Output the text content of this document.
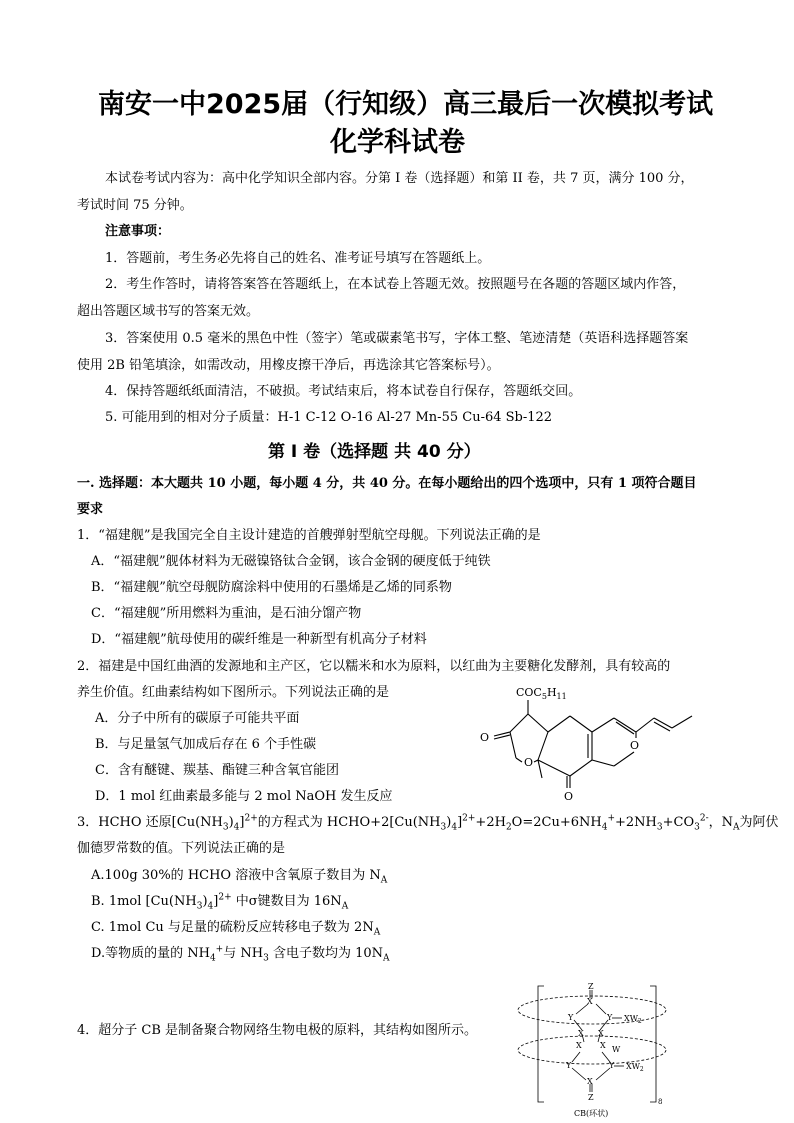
南安一中2025届（行知级）高三最后一次模拟考试
化学科试卷
本试卷考试内容为：高中化学知识全部内容。分第 I 卷（选择题）和第 II 卷，共 7 页，满分 100 分，
考试时间 75 分钟。
注意事项：
1．答题前，考生务必先将自己的姓名、准考证号填写在答题纸上。
2．考生作答时，请将答案答在答题纸上，在本试卷上答题无效。按照题号在各题的答题区域内作答，
超出答题区域书写的答案无效。
3．答案使用 0.5 毫米的黑色中性（签字）笔或碳素笔书写，字体工整、笔迹清楚（英语科选择题答案
使用 2B 铅笔填涂，如需改动，用橡皮擦干净后，再选涂其它答案标号）。
4．保持答题纸纸面清洁，不破损。考试结束后，将本试卷自行保存，答题纸交回。
5. 可能用到的相对分子质量：H-1 C-12 O-16 Al-27 Mn-55 Cu-64 Sb-122
第 I 卷（选择题 共 40 分）
一. 选择题：本大题共 10 小题，每小题 4 分，共 40 分。在每小题给出的四个选项中，只有 1 项符合题目
要求
1．“福建舰”是我国完全自主设计建造的首艘弹射型航空母舰。下列说法正确的是
A．“福建舰”舰体材料为无磁镍铬钛合金钢，该合金钢的硬度低于纯铁
B．“福建舰”航空母舰防腐涂料中使用的石墨烯是乙烯的同系物
C．“福建舰”所用燃料为重油，是石油分馏产物
D．“福建舰”航母使用的碳纤维是一种新型有机高分子材料
2．福建是中国红曲酒的发源地和主产区，它以糯米和水为原料，以红曲为主要糖化发酵剂，具有较高的
养生价值。红曲素结构如下图所示。下列说法正确的是
A．分子中所有的碳原子可能共平面
B．与足量氢气加成后存在 6 个手性碳
C．含有醚键、羰基、酯键三种含氧官能团
D．1 mol 红曲素最多能与 2 mol NaOH 发生反应
$COC_5H_{11}$
O
O
O
O
3．HCHO 还原$[Cu(NH_3)_4]^{2+}$的方程式为 $HCHO+2[Cu(NH_3)_4]^{2+}+2H_2O=2Cu+6NH_4^++2NH_3+CO_3^{2-}$，$N_A$为阿伏
伽德罗常数的值。下列说法正确的是
A.100g 30%的 HCHO 溶液中含氧原子数目为 $N_A$
B. 1mol $[Cu(NH_3)_4]^{2+}$ 中σ键数目为 $16N_A$
C. 1mol Cu 与足量的硫粉反应转移电子数为 $2N_A$
D.等物质的量的 $NH_4^+$与 $NH_3$ 含电子数均为 $10N_A$
4．超分子 CB 是制备聚合物网络生物电极的原料，其结构如图所示。
Z
X
Y	Y $XW_2$
X X
X X W
Y	Y $XW_2$
X
Z	8
CB(环状)
